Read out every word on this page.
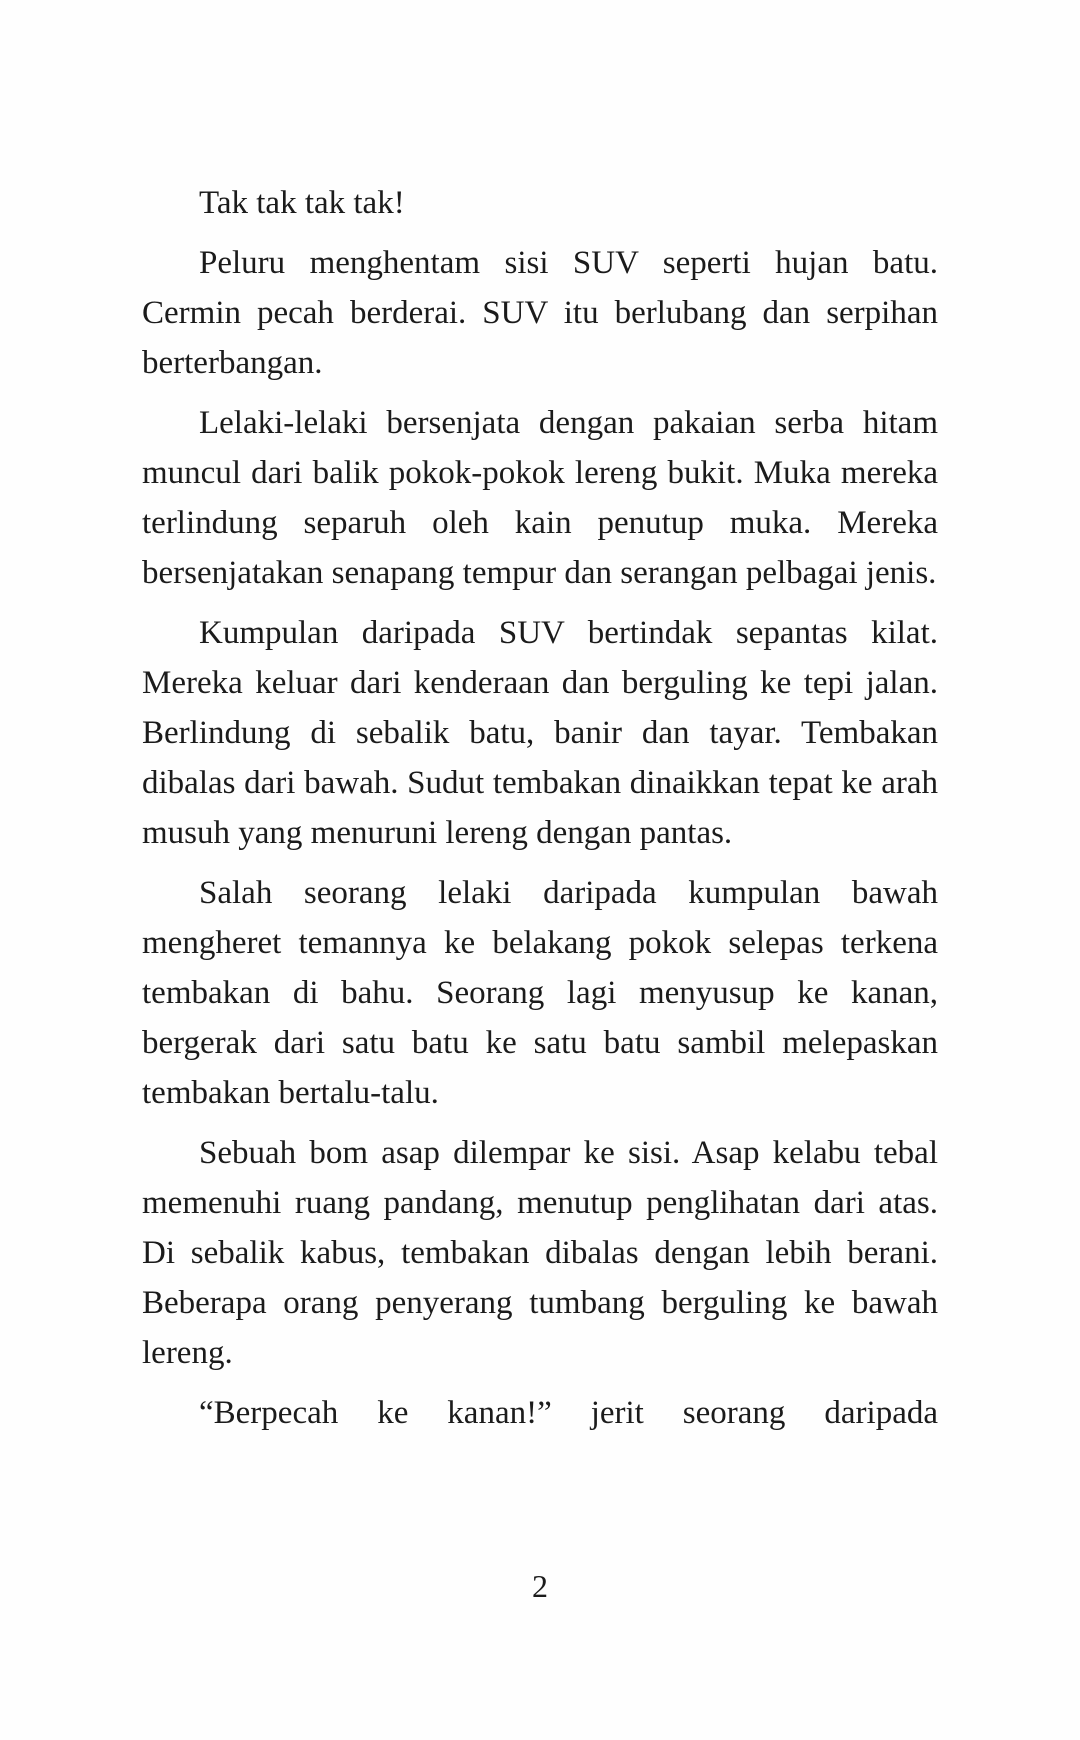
Tak tak tak tak!

Peluru menghentam sisi SUV seperti hujan batu. Cermin pecah berderai. SUV itu berlubang dan serpihan berterbangan.

Lelaki-lelaki bersenjata dengan pakaian serba hitam muncul dari balik pokok-pokok lereng bukit. Muka mereka terlindung separuh oleh kain penutup muka. Mereka bersenjatakan senapang tempur dan serangan pelbagai jenis.

Kumpulan daripada SUV bertindak sepantas kilat. Mereka keluar dari kenderaan dan berguling ke tepi jalan. Berlindung di sebalik batu, banir dan tayar. Tembakan dibalas dari bawah. Sudut tembakan dinaikkan tepat ke arah musuh yang menuruni lereng dengan pantas.

Salah seorang lelaki daripada kumpulan bawah mengheret temannya ke belakang pokok selepas terkena tembakan di bahu. Seorang lagi menyusup ke kanan, bergerak dari satu batu ke satu batu sambil melepaskan tembakan bertalu-talu.

Sebuah bom asap dilempar ke sisi. Asap kelabu tebal memenuhi ruang pandang, menutup penglihatan dari atas. Di sebalik kabus, tembakan dibalas dengan lebih berani. Beberapa orang penyerang tumbang berguling ke bawah lereng.

“Berpecah ke kanan!” jerit seorang daripada

2
